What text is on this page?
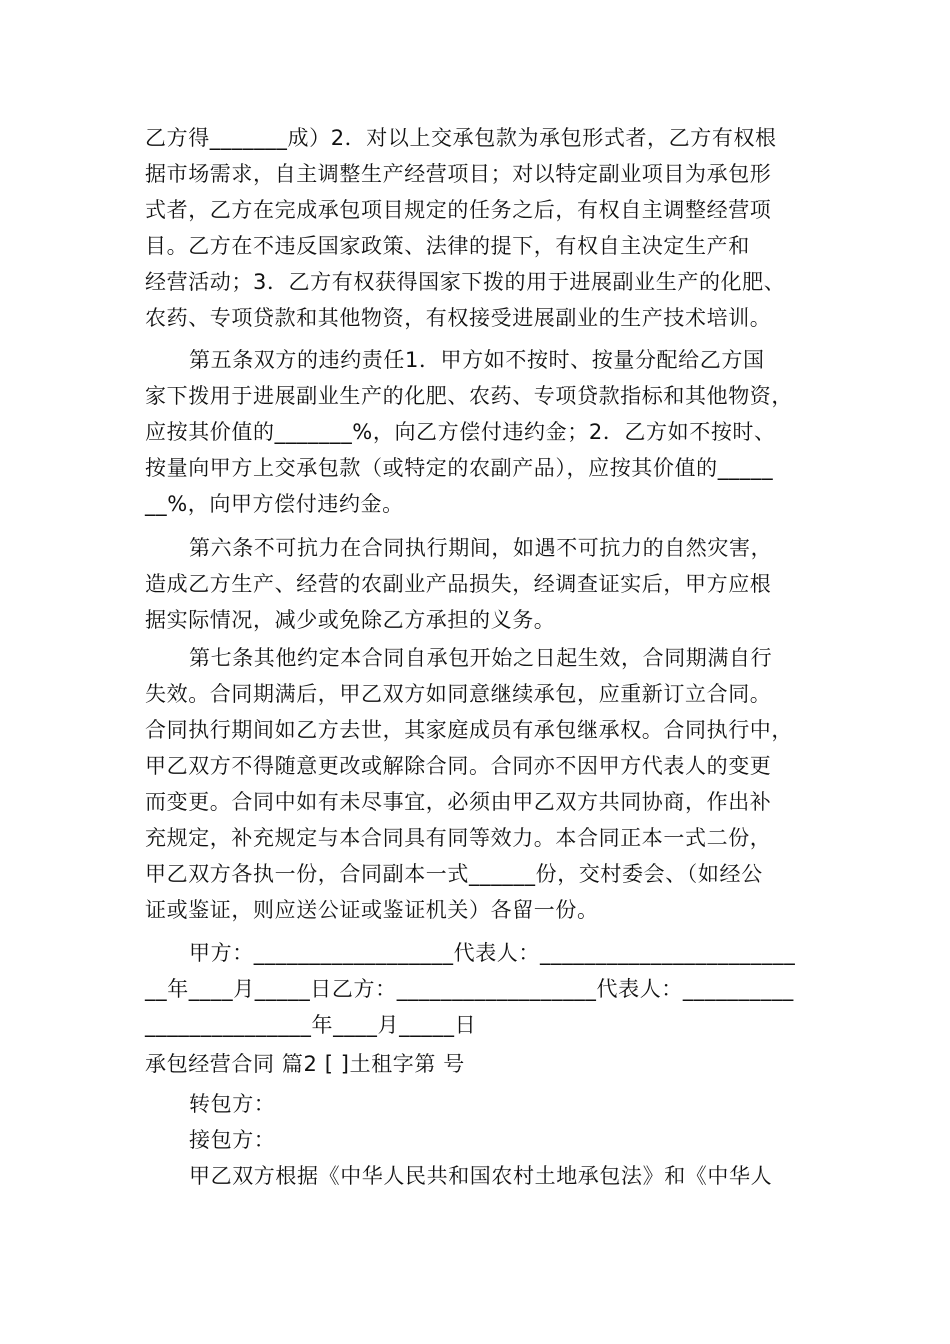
乙方得_______成）2．对以上交承包款为承包形式者，乙方有权根
据市场需求，自主调整生产经营项目；对以特定副业项目为承包形
式者，乙方在完成承包项目规定的任务之后，有权自主调整经营项
目。乙方在不违反国家政策、法律的提下，有权自主决定生产和
经营活动；3．乙方有权获得国家下拨的用于进展副业生产的化肥、
农药、专项贷款和其他物资，有权接受进展副业的生产技术培训。
第五条双方的违约责任1．甲方如不按时、按量分配给乙方国
家下拨用于进展副业生产的化肥、农药、专项贷款指标和其他物资，
应按其价值的_______%，向乙方偿付违约金；2．乙方如不按时、
按量向甲方上交承包款（或特定的农副产品），应按其价值的_____
__%，向甲方偿付违约金。
第六条不可抗力在合同执行期间，如遇不可抗力的自然灾害，
造成乙方生产、经营的农副业产品损失，经调查证实后，甲方应根
据实际情况，减少或免除乙方承担的义务。
第七条其他约定本合同自承包开始之日起生效，合同期满自行
失效。合同期满后，甲乙双方如同意继续承包，应重新订立合同。
合同执行期间如乙方去世，其家庭成员有承包继承权。合同执行中，
甲乙双方不得随意更改或解除合同。合同亦不因甲方代表人的变更
而变更。合同中如有未尽事宜，必须由甲乙双方共同协商，作出补
充规定，补充规定与本合同具有同等效力。本合同正本一式二份，
甲乙双方各执一份，合同副本一式______份，交村委会、（如经公
证或鉴证，则应送公证或鉴证机关）各留一份。
甲方：__________________代表人：_______________________
__年____月_____日乙方：__________________代表人：__________
_______________年____月_____日
承包经营合同 篇2 [ ]土租字第 号
转包方：
接包方：
甲乙双方根据《中华人民共和国农村土地承包法》和《中华人
